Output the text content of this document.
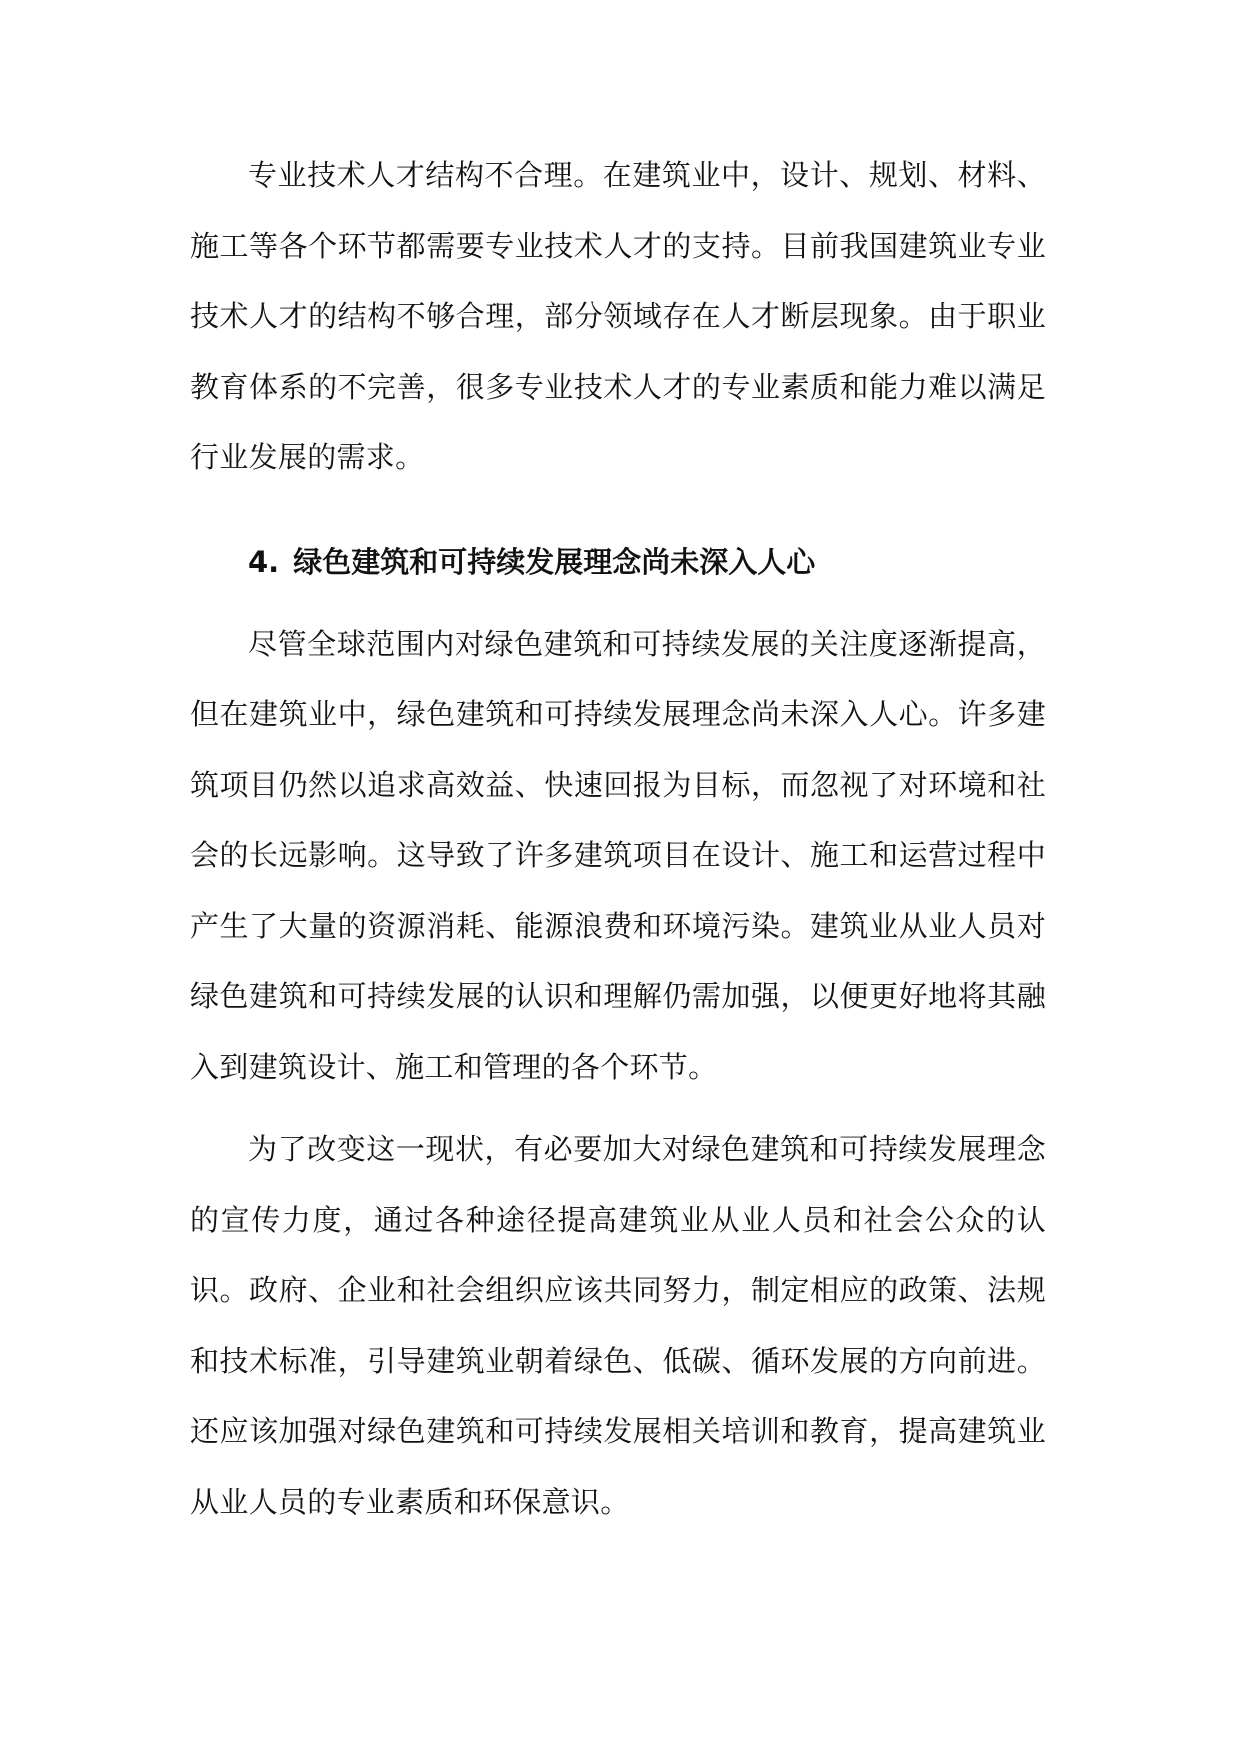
专业技术人才结构不合理。在建筑业中，设计、规划、材料、施工等各个环节都需要专业技术人才的支持。目前我国建筑业专业技术人才的结构不够合理，部分领域存在人才断层现象。由于职业教育体系的不完善，很多专业技术人才的专业素质和能力难以满足行业发展的需求。

4. 绿色建筑和可持续发展理念尚未深入人心

尽管全球范围内对绿色建筑和可持续发展的关注度逐渐提高，但在建筑业中，绿色建筑和可持续发展理念尚未深入人心。许多建筑项目仍然以追求高效益、快速回报为目标，而忽视了对环境和社会的长远影响。这导致了许多建筑项目在设计、施工和运营过程中产生了大量的资源消耗、能源浪费和环境污染。建筑业从业人员对绿色建筑和可持续发展的认识和理解仍需加强，以便更好地将其融入到建筑设计、施工和管理的各个环节。

为了改变这一现状，有必要加大对绿色建筑和可持续发展理念的宣传力度，通过各种途径提高建筑业从业人员和社会公众的认识。政府、企业和社会组织应该共同努力，制定相应的政策、法规和技术标准，引导建筑业朝着绿色、低碳、循环发展的方向前进。还应该加强对绿色建筑和可持续发展相关培训和教育，提高建筑业从业人员的专业素质和环保意识。
